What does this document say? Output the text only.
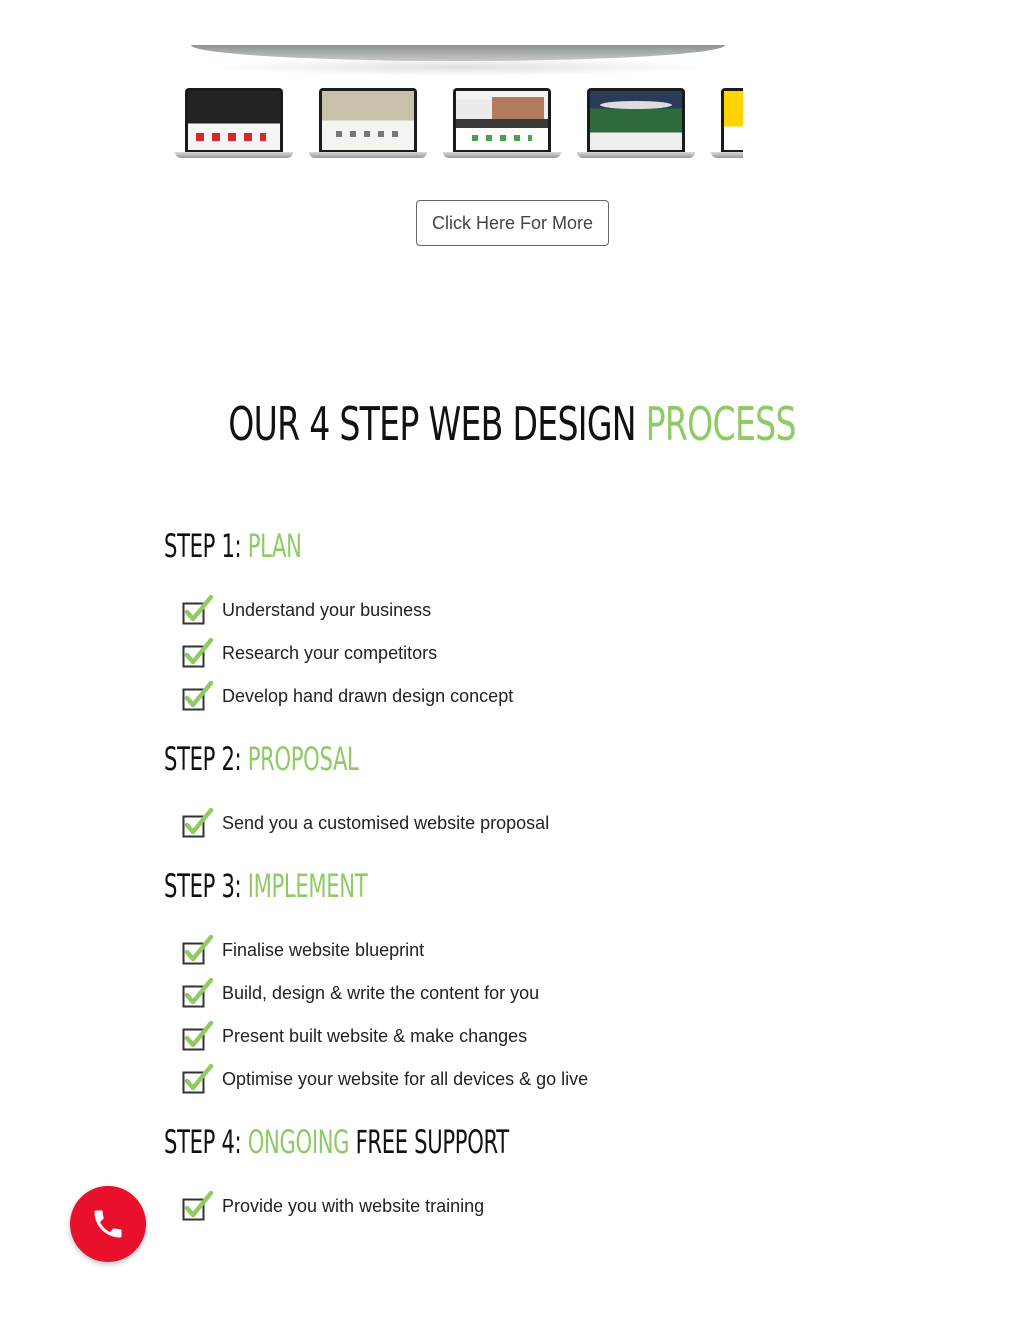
Click Here For More
OUR 4 STEP WEB DESIGN PROCESS
STEP 1: PLAN
Understand your business
Research your competitors
Develop hand drawn design concept
STEP 2: PROPOSAL
Send you a customised website proposal
STEP 3: IMPLEMENT
Finalise website blueprint
Build, design & write the content for you
Present built website & make changes
Optimise your website for all devices & go live
STEP 4: ONGOING FREE SUPPORT
Provide you with website training
